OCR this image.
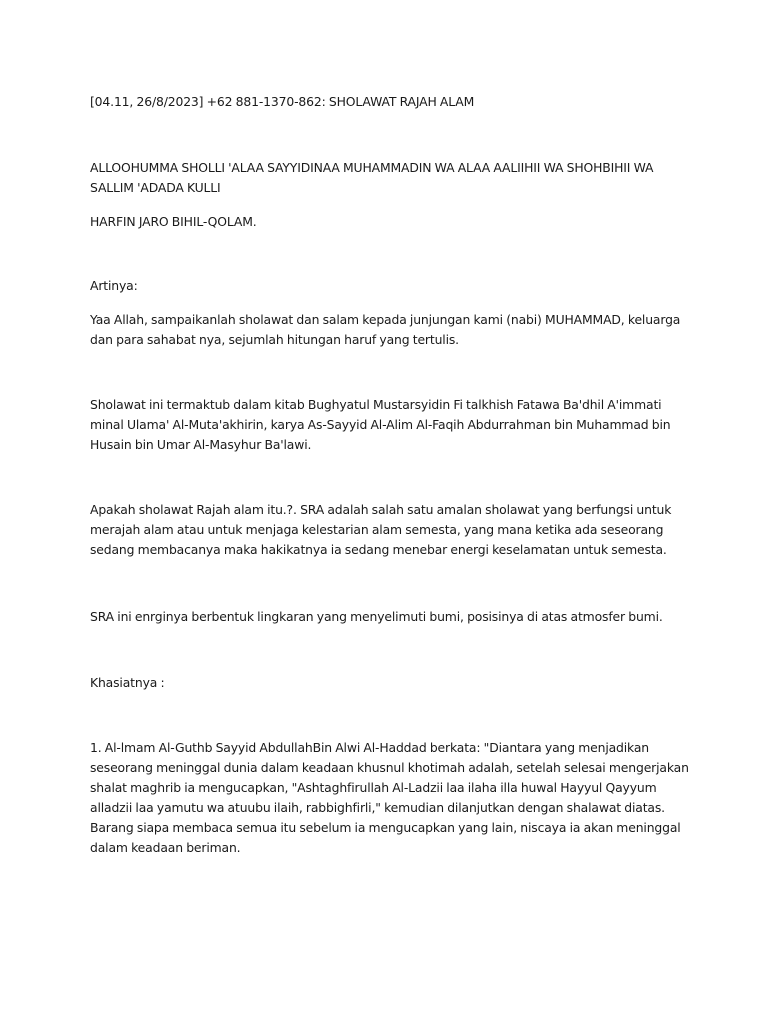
[04.11, 26/8/2023] +62 881-1370-862: SHOLAWAT RAJAH ALAM

ALLOOHUMMA SHOLLI 'ALAA SAYYIDINAA MUHAMMADIN WA ALAA AALIIHII WA SHOHBIHII WA SALLIM 'ADADA KULLI

HARFIN JARO BIHIL-QOLAM.

Artinya:

Yaa Allah, sampaikanlah sholawat dan salam kepada junjungan kami (nabi) MUHAMMAD, keluarga dan para sahabat nya, sejumlah hitungan haruf yang tertulis.

Sholawat ini termaktub dalam kitab Bughyatul Mustarsyidin Fi talkhish Fatawa Ba'dhil A'immati minal Ulama' Al-Muta'akhirin, karya As-Sayyid Al-Alim Al-Faqih Abdurrahman bin Muhammad bin Husain bin Umar Al-Masyhur Ba'lawi.

Apakah sholawat Rajah alam itu.?. SRA adalah salah satu amalan sholawat yang berfungsi untuk merajah alam atau untuk menjaga kelestarian alam semesta, yang mana ketika ada seseorang sedang membacanya maka hakikatnya ia sedang menebar energi keselamatan untuk semesta.

SRA ini enrginya berbentuk lingkaran yang menyelimuti bumi, posisinya di atas atmosfer bumi.

Khasiatnya :

1. Al-lmam Al-Guthb Sayyid AbdullahBin Alwi Al-Haddad berkata: "Diantara yang menjadikan seseorang meninggal dunia dalam keadaan khusnul khotimah adalah, setelah selesai mengerjakan shalat maghrib ia mengucapkan, "Ashtaghfirullah Al-Ladzii laa ilaha illa huwal Hayyul Qayyum alladzii laa yamutu wa atuubu ilaih, rabbighfirli," kemudian dilanjutkan dengan shalawat diatas. Barang siapa membaca semua itu sebelum ia mengucapkan yang lain, niscaya ia akan meninggal dalam keadaan beriman.
